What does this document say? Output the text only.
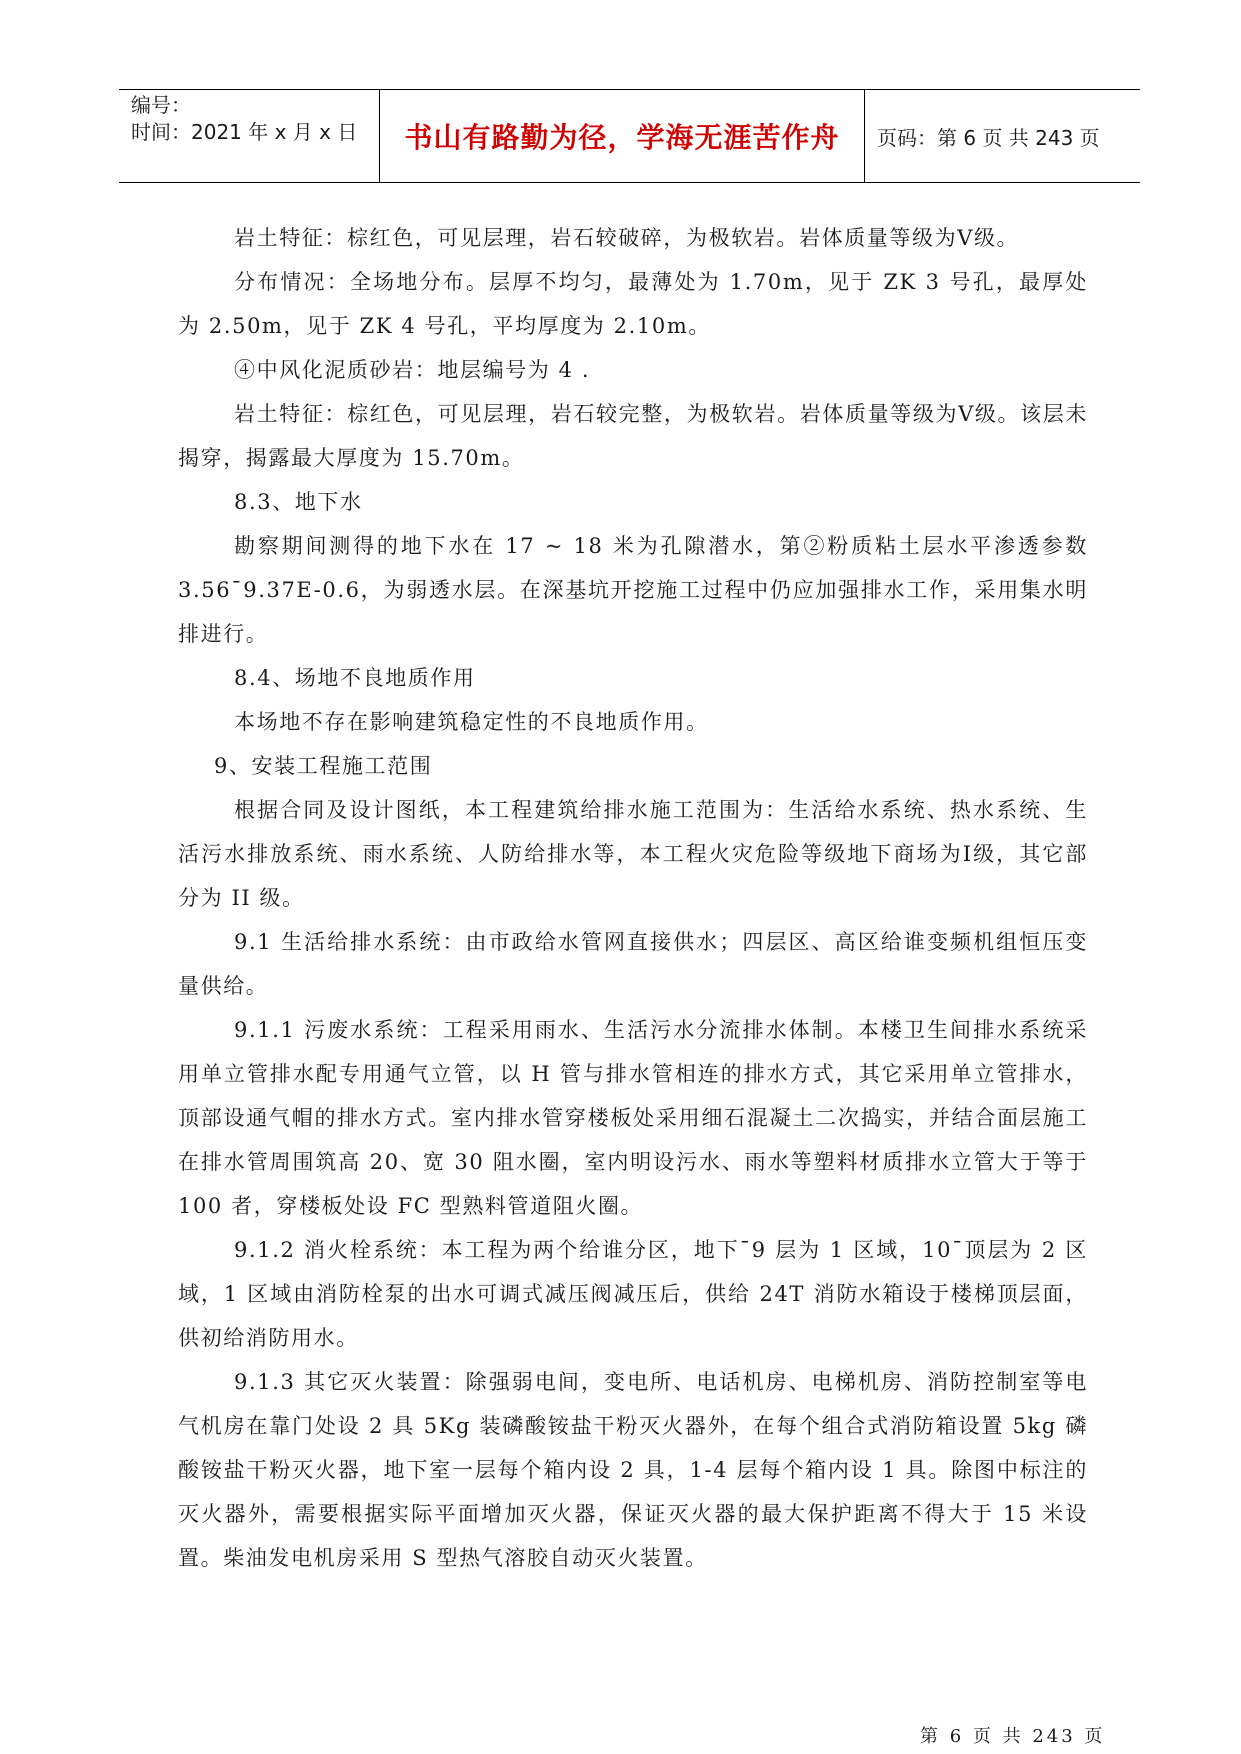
编号：
时间：2021 年 x 月 x 日 书山有路勤为径，学海无涯苦作舟 页码：第 6 页 共 243 页

岩土特征：棕红色，可见层理，岩石较破碎，为极软岩。岩体质量等级为Ⅴ级。

分布情况：全场地分布。层厚不均匀，最薄处为 1.70m，见于 ZK 3 号孔，最厚处为 2.50m，见于 ZK 4 号孔，平均厚度为 2.10m。

④中风化泥质砂岩：地层编号为 4 .

岩土特征：棕红色，可见层理，岩石较完整，为极软岩。岩体质量等级为Ⅴ级。该层未揭穿，揭露最大厚度为 15.70m。

8.3、地下水

勘察期间测得的地下水在 17 ~ 18 米为孔隙潜水，第②粉质粘土层水平渗透参数 3.56¯9.37E-0.6，为弱透水层。在深基坑开挖施工过程中仍应加强排水工作，采用集水明排进行。

8.4、场地不良地质作用

本场地不存在影响建筑稳定性的不良地质作用。

9、安装工程施工范围

根据合同及设计图纸，本工程建筑给排水施工范围为：生活给水系统、热水系统、生活污水排放系统、雨水系统、人防给排水等，本工程火灾危险等级地下商场为Ⅰ级，其它部分为 II 级。

9.1 生活给排水系统：由市政给水管网直接供水；四层区、高区给谁变频机组恒压变量供给。

9.1.1 污废水系统：工程采用雨水、生活污水分流排水体制。本楼卫生间排水系统采用单立管排水配专用通气立管，以 H 管与排水管相连的排水方式，其它采用单立管排水，顶部设通气帽的排水方式。室内排水管穿楼板处采用细石混凝土二次捣实，并结合面层施工在排水管周围筑高 20、宽 30 阻水圈，室内明设污水、雨水等塑料材质排水立管大于等于 100 者，穿楼板处设 FC 型熟料管道阻火圈。

9.1.2 消火栓系统：本工程为两个给谁分区，地下¯9 层为 1 区域，10¯顶层为 2 区域，1 区域由消防栓泵的出水可调式减压阀减压后，供给 24T 消防水箱设于楼梯顶层面，供初给消防用水。

9.1.3 其它灭火装置：除强弱电间，变电所、电话机房、电梯机房、消防控制室等电气机房在靠门处设 2 具 5Kg 装磷酸铵盐干粉灭火器外，在每个组合式消防箱设置 5kg 磷酸铵盐干粉灭火器，地下室一层每个箱内设 2 具，1-4 层每个箱内设 1 具。除图中标注的灭火器外，需要根据实际平面增加灭火器，保证灭火器的最大保护距离不得大于 15 米设置。柴油发电机房采用 S 型热气溶胶自动灭火装置。

第 6 页 共 243 页
